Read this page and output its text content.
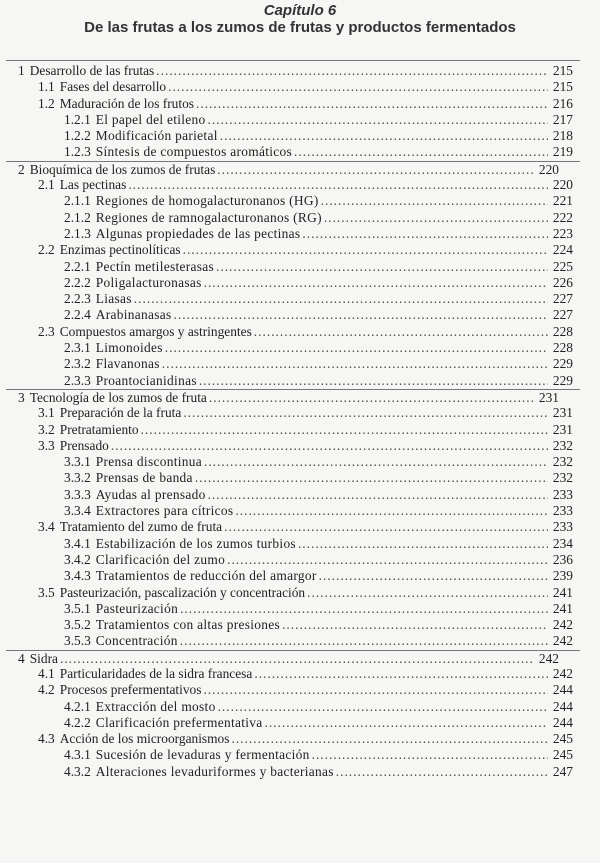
Capítulo 6
De las frutas a los zumos de frutas y productos fermentados
1 Desarrollo de las frutas .....	215
1.1 Fases del desarrollo .....	215
1.2 Maduración de los frutos .....	216
1.2.1 El papel del etileno .....	217
1.2.2 Modificación parietal .....	218
1.2.3 Síntesis de compuestos aromáticos .....	219
2 Bioquímica de los zumos de frutas .....	220
2.1 Las pectinas .....	220
2.1.1 Regiones de homogalacturonanos (HG) .....	221
2.1.2 Regiones de ramnogalacturonanos (RG) .....	222
2.1.3 Algunas propiedades de las pectinas .....	223
2.2 Enzimas pectinolíticas .....	224
2.2.1 Pectín metilesterasas .....	225
2.2.2 Poligalacturonasas .....	226
2.2.3 Liasas .....	227
2.2.4 Arabinanasas .....	227
2.3 Compuestos amargos y astringentes .....	228
2.3.1 Limonoides .....	228
2.3.2 Flavanonas .....	229
2.3.3 Proantocianidinas .....	229
3 Tecnología de los zumos de fruta .....	231
3.1 Preparación de la fruta .....	231
3.2 Pretratamiento .....	231
3.3 Prensado .....	232
3.3.1 Prensa discontinua .....	232
3.3.2 Prensas de banda .....	232
3.3.3 Ayudas al prensado .....	233
3.3.4 Extractores para cítricos .....	233
3.4 Tratamiento del zumo de fruta .....	233
3.4.1 Estabilización de los zumos turbios .....	234
3.4.2 Clarificación del zumo .....	236
3.4.3 Tratamientos de reducción del amargor .....	239
3.5 Pasteurización, pascalización y concentración .....	241
3.5.1 Pasteurización .....	241
3.5.2 Tratamientos con altas presiones .....	242
3.5.3 Concentración .....	242
4 Sidra .....	242
4.1 Particularidades de la sidra francesa .....	242
4.2 Procesos prefermentativos .....	244
4.2.1 Extracción del mosto .....	244
4.2.2 Clarificación prefermentativa .....	244
4.3 Acción de los microorganismos .....	245
4.3.1 Sucesión de levaduras y fermentación .....	245
4.3.2 Alteraciones levaduriformes y bacterianas .....	247
